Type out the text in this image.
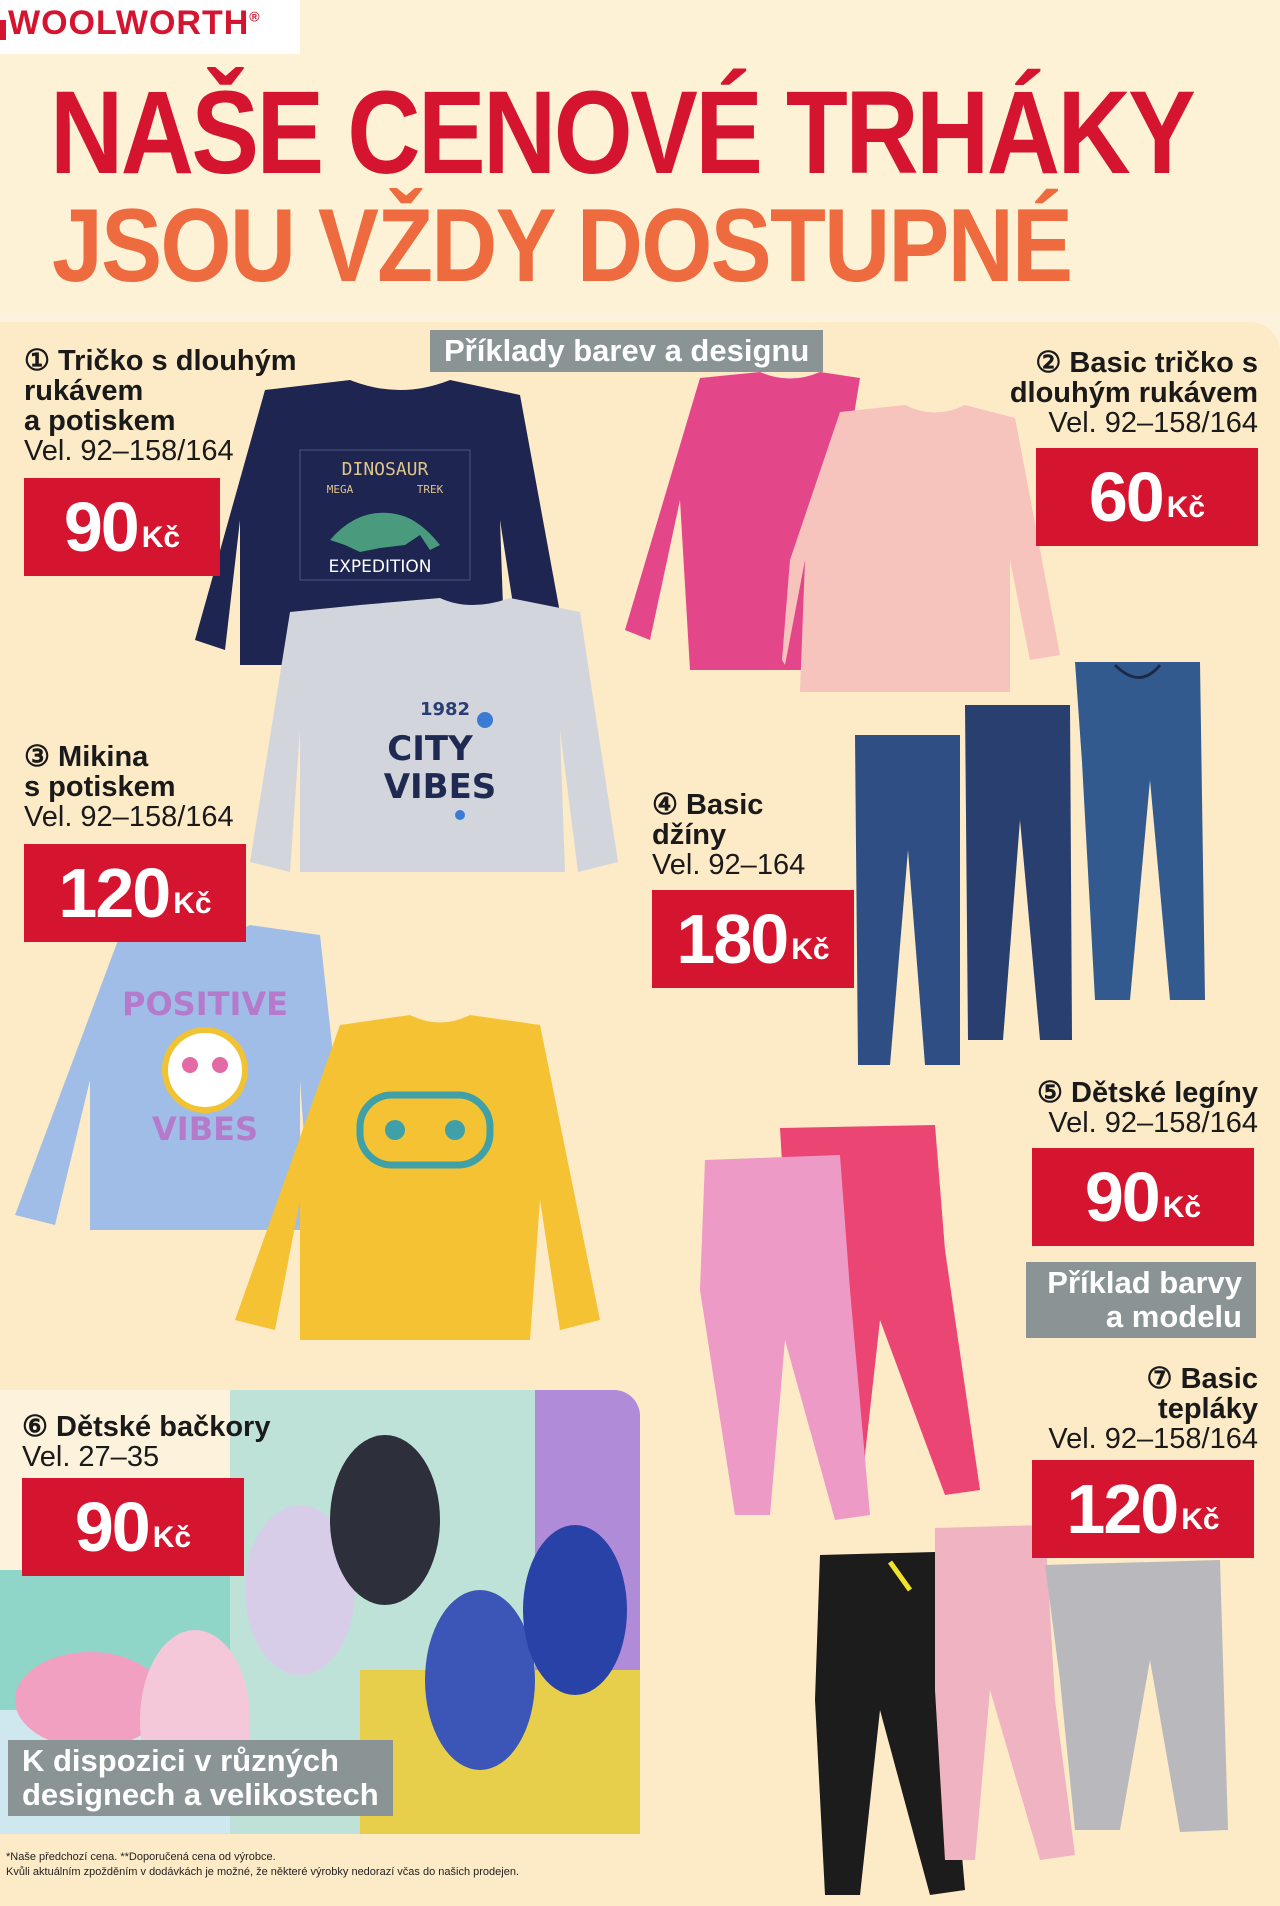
WOOLWORTH®
NAŠE CENOVÉ TRHÁKY
JSOU VŽDY DOSTUPNÉ
DINOSAUR
MEGA	TREK
EXPEDITION
1982
CITY
VIBES
POSITIVE
VIBES
① Tričko s dlouhým
rukávem
a potiskem
Vel. 92–158/164
90 Kč
Příklady barev a designu	② Basic tričko s
dlouhým rukávem
Vel. 92–158/164
60 Kč
③ Mikina
s potiskem
Vel. 92–158/164
120 Kč
④ Basic
džíny
Vel. 92–164
180 Kč
⑤ Dětské legíny
Vel. 92–158/164
90 Kč
Příklad barvy
a modelu
⑦ Basic
tepláky
Vel. 92–158/164
120 Kč
⑥ Dětské bačkory
Vel. 27–35
90 Kč
K dispozici v různých
designech a velikostech
*Naše předchozí cena. **Doporučená cena od výrobce.
Kvůli aktuálním zpožděním v dodávkách je možné, že některé výrobky nedorazí včas do našich prodejen.
